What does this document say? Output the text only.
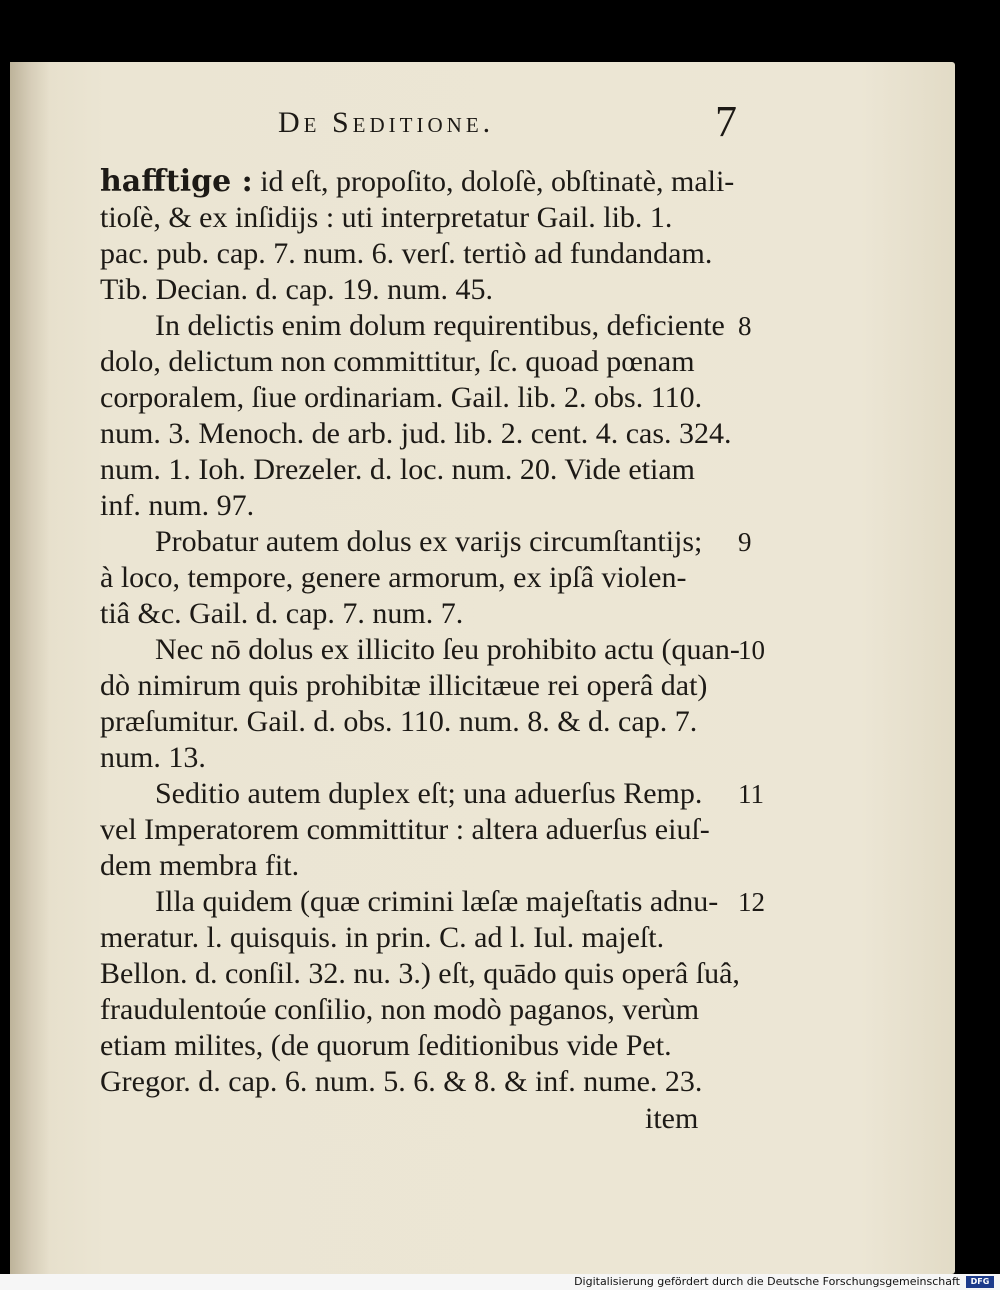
De Seditione.	7
hafftige : id eſt, propoſito, doloſè, obſtinatè, mali-
tioſè, & ex inſidijs : uti interpretatur Gail. lib. 1.
pac. pub. cap. 7. num. 6. verſ. tertiò ad fundandam.
Tib. Decian. d. cap. 19. num. 45.
In delictis enim dolum requirentibus, deficiente 8
dolo, delictum non committitur, ſc. quoad pœnam
corporalem, ſiue ordinariam. Gail. lib. 2. obs. 110.
num. 3. Menoch. de arb. jud. lib. 2. cent. 4. cas. 324.
num. 1. Ioh. Drezeler. d. loc. num. 20. Vide etiam
inf. num. 97.
Probatur autem dolus ex varijs circumſtantijs; 9
à loco, tempore, genere armorum, ex ipſâ violen-
tiâ &c. Gail. d. cap. 7. num. 7.
Nec nō dolus ex illicito ſeu prohibito actu (quan-
10
dò nimirum quis prohibitæ illicitæue rei operâ dat)
præſumitur. Gail. d. obs. 110. num. 8. & d. cap. 7.
num. 13.
Seditio autem duplex eſt; una aduerſus Remp. 11
vel Imperatorem committitur : altera aduerſus eiuſ-
dem membra fit.
Illa quidem (quæ crimini læſæ majeſtatis adnu- 12
meratur. l. quisquis. in prin. C. ad l. Iul. majeſt.
Bellon. d. conſil. 32. nu. 3.) eſt, quādo quis operâ ſuâ,
fraudulentoúe conſilio, non modò paganos, verùm
etiam milites, (de quorum ſeditionibus vide Pet.
Gregor. d. cap. 6. num. 5. 6. & 8. & inf. nume. 23.
item
Digitalisierung gefördert durch die Deutsche Forschungsgemeinschaft	DFG
